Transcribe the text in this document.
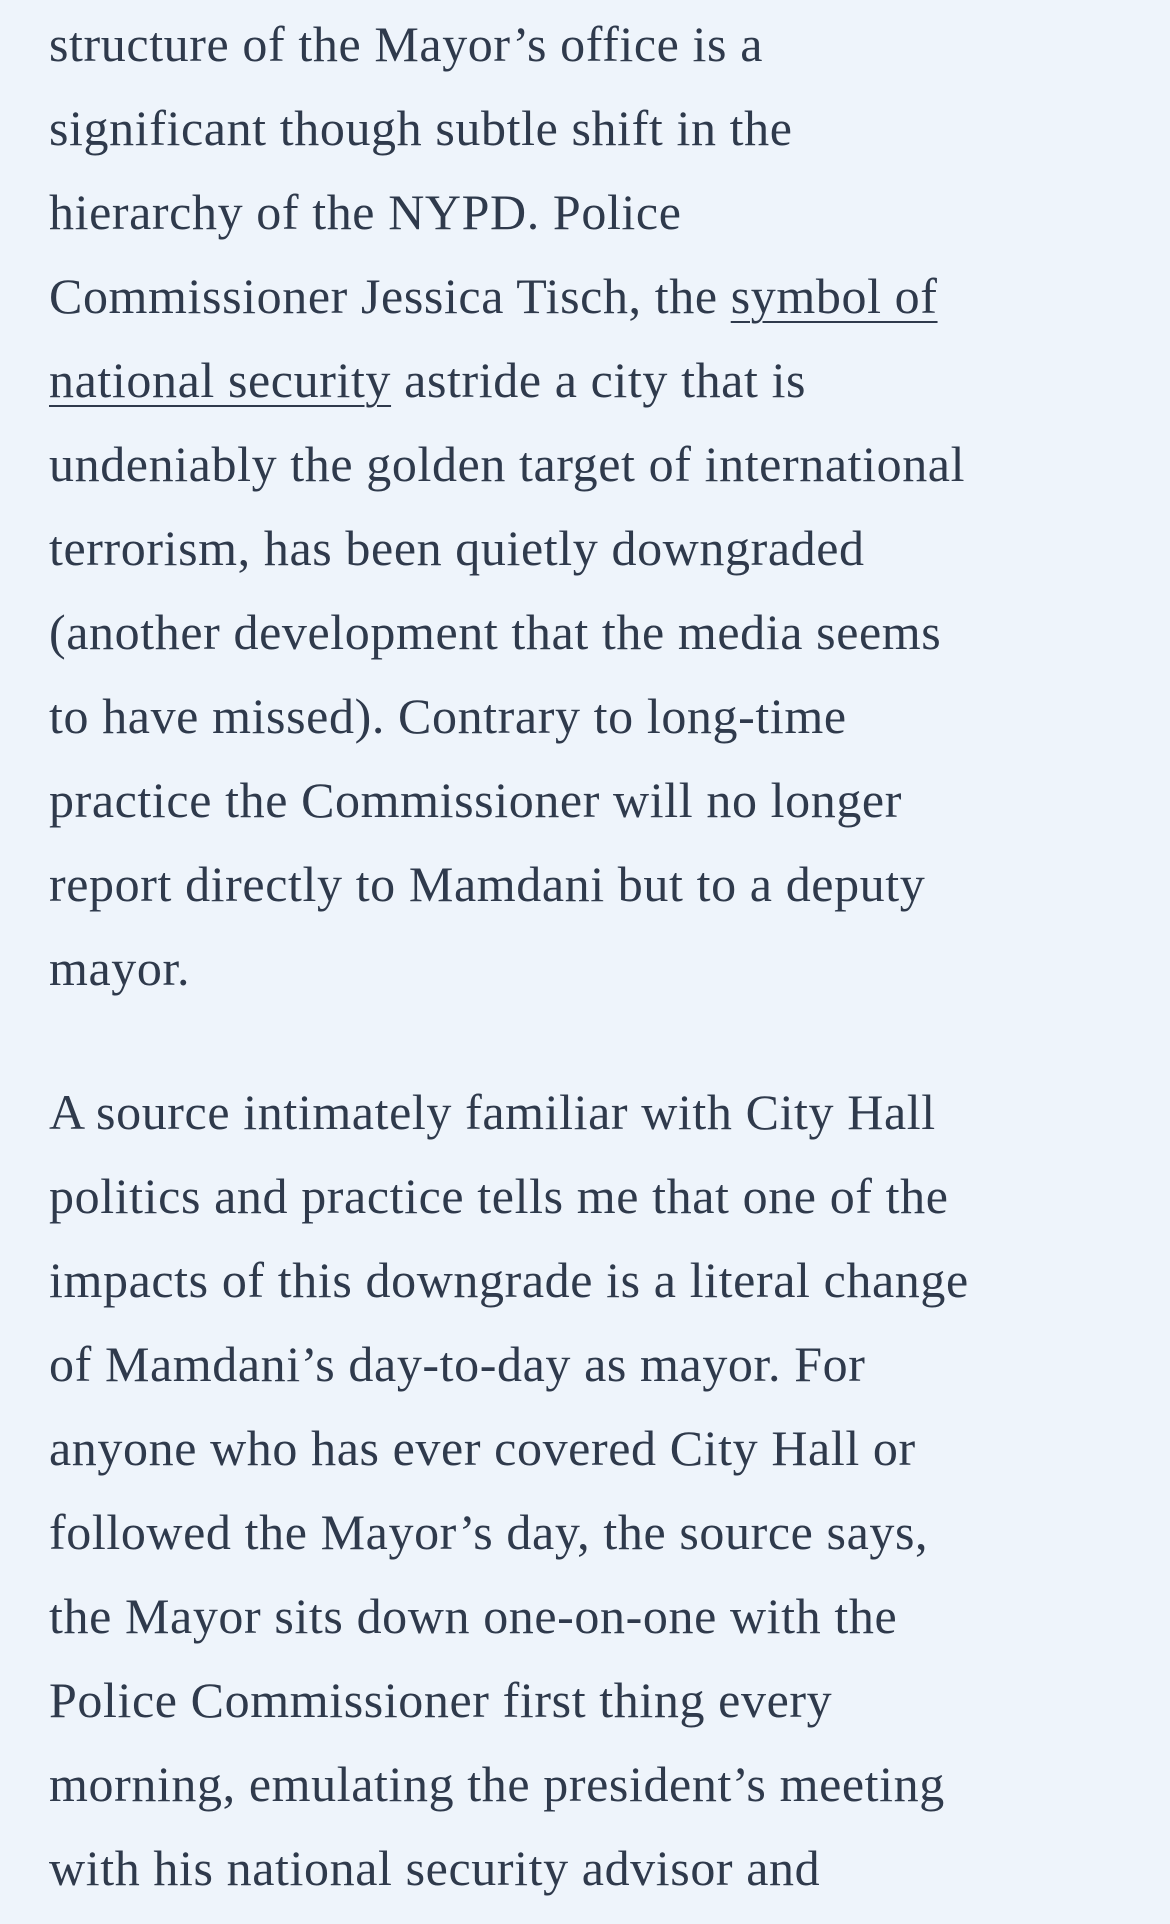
structure of the Mayor’s office is a
significant though subtle shift in the
hierarchy of the NYPD. Police
Commissioner Jessica Tisch, the symbol of
national security astride a city that is
undeniably the golden target of international
terrorism, has been quietly downgraded
(another development that the media seems
to have missed). Contrary to long-time
practice the Commissioner will no longer
report directly to Mamdani but to a deputy
mayor.

A source intimately familiar with City Hall
politics and practice tells me that one of the
impacts of this downgrade is a literal change
of Mamdani’s day-to-day as mayor. For
anyone who has ever covered City Hall or
followed the Mayor’s day, the source says,
the Mayor sits down one-on-one with the
Police Commissioner first thing every
morning, emulating the president’s meeting
with his national security advisor and
